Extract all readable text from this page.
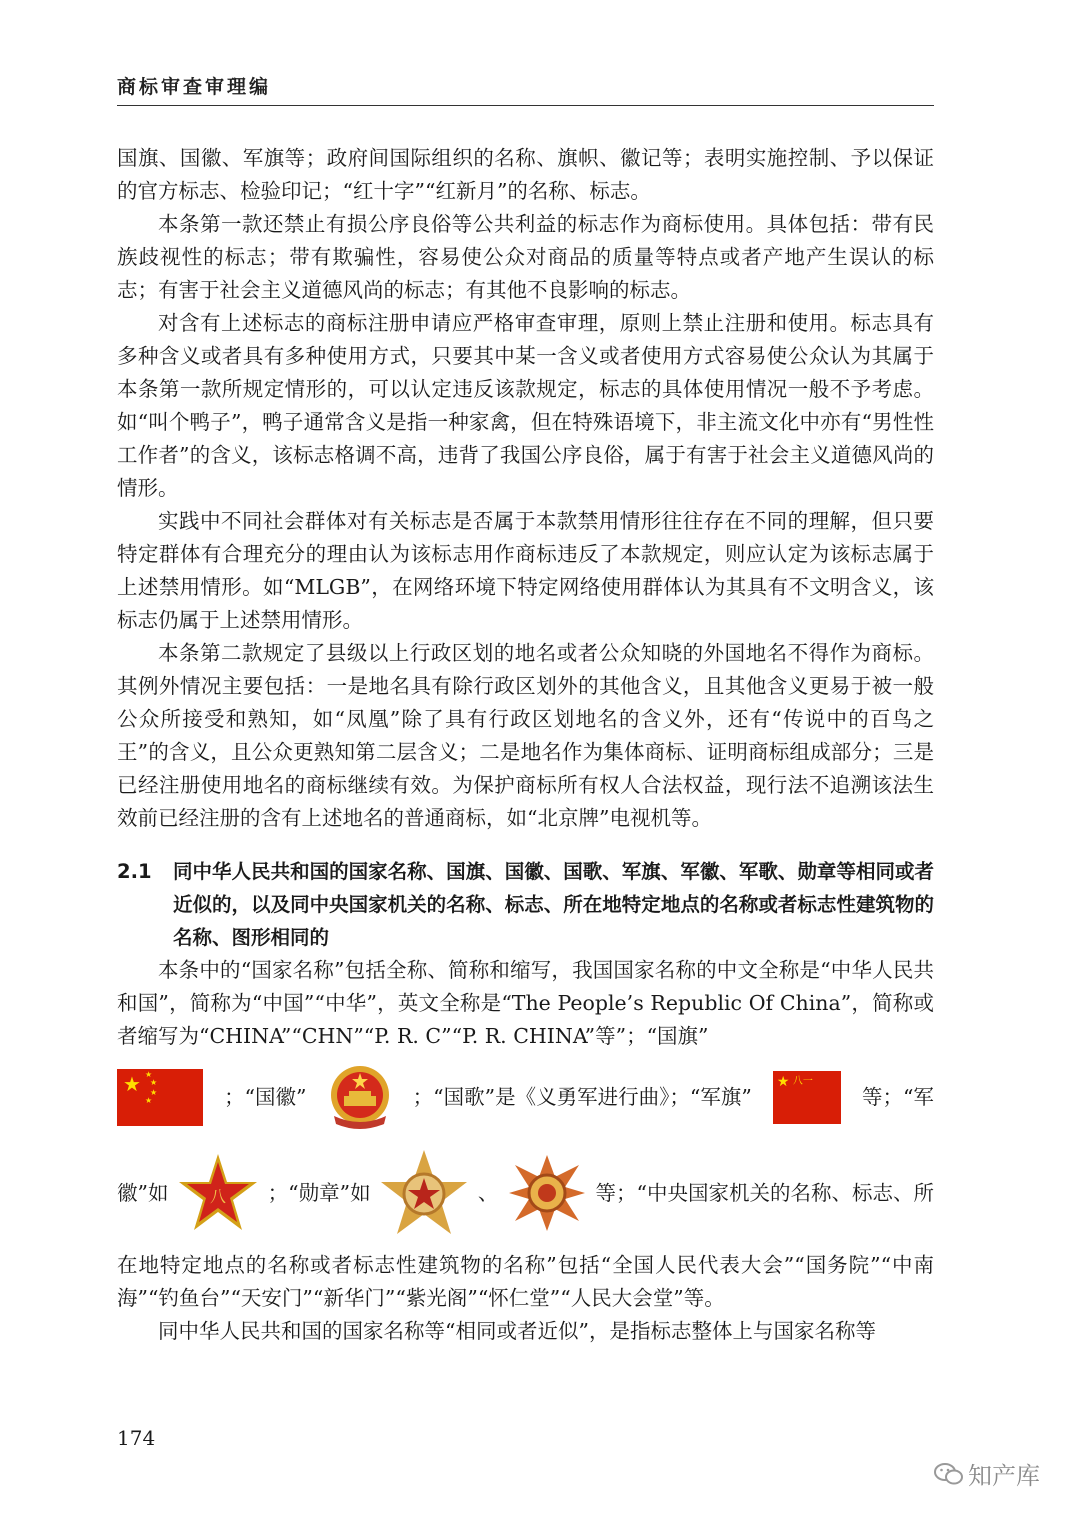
商标审查审理编

国旗、国徽、军旗等；政府间国际组织的名称、旗帜、徽记等；表明实施控制、予以保证的官方标志、检验印记；“红十字”“红新月”的名称、标志。

本条第一款还禁止有损公序良俗等公共利益的标志作为商标使用。具体包括：带有民族歧视性的标志；带有欺骗性，容易使公众对商品的质量等特点或者产地产生误认的标志；有害于社会主义道德风尚的标志；有其他不良影响的标志。

对含有上述标志的商标注册申请应严格审查审理，原则上禁止注册和使用。标志具有多种含义或者具有多种使用方式，只要其中某一含义或者使用方式容易使公众认为其属于本条第一款所规定情形的，可以认定违反该款规定，标志的具体使用情况一般不予考虑。如“叫个鸭子”，鸭子通常含义是指一种家禽，但在特殊语境下，非主流文化中亦有“男性性工作者”的含义，该标志格调不高，违背了我国公序良俗，属于有害于社会主义道德风尚的情形。

实践中不同社会群体对有关标志是否属于本款禁用情形往往存在不同的理解，但只要特定群体有合理充分的理由认为该标志用作商标违反了本款规定，则应认定为该标志属于上述禁用情形。如“MLGB”，在网络环境下特定网络使用群体认为其具有不文明含义，该标志仍属于上述禁用情形。

本条第二款规定了县级以上行政区划的地名或者公众知晓的外国地名不得作为商标。其例外情况主要包括：一是地名具有除行政区划外的其他含义，且其他含义更易于被一般公众所接受和熟知，如“凤凰”除了具有行政区划地名的含义外，还有“传说中的百鸟之王”的含义，且公众更熟知第二层含义；二是地名作为集体商标、证明商标组成部分；三是已经注册使用地名的商标继续有效。为保护商标所有权人合法权益，现行法不追溯该法生效前已经注册的含有上述地名的普通商标，如“北京牌”电视机等。

2.1 同中华人民共和国的国家名称、国旗、国徽、国歌、军旗、军徽、军歌、勋章等相同或者近似的，以及同中央国家机关的名称、标志、所在地特定地点的名称或者标志性建筑物的名称、图形相同的

本条中的“国家名称”包括全称、简称和缩写，我国国家名称的中文全称是“中华人民共和国”，简称为“中国”“中华”，英文全称是“The People’s Republic Of China”，简称或者缩写为“CHINA”“CHN”“P. R. C”“P. R. CHINA”等”；“国旗”

★ ★
★
★
★	；“国徽”	；“国歌”是《义勇军进行曲》；“军旗”
★ 八一
等；“军
徽”如	八 ；“勋章”如	、	等；“中央国家机关的名称、标志、所

在地特定地点的名称或者标志性建筑物的名称”包括“全国人民代表大会”“国务院”“中南海”“钓鱼台”“天安门”“新华门”“紫光阁”“怀仁堂”“人民大会堂”等。

同中华人民共和国的国家名称等“相同或者近似”，是指标志整体上与国家名称等

174
知产库
